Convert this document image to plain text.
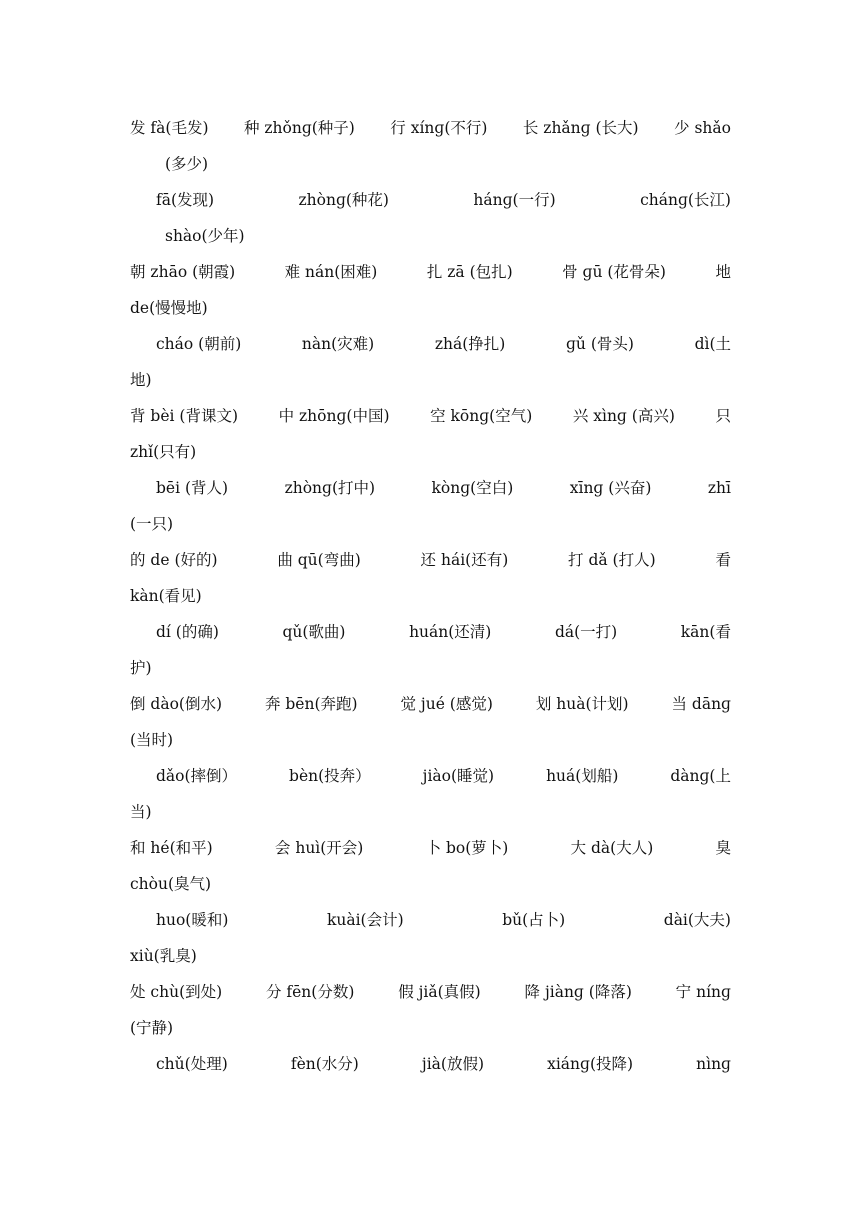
发 fà(毛发) 种 zhǒnɡ(种子) 行 xínɡ(不行) 长 zhǎnɡ (长大) 少 shǎo
(多少)
fā(发现)	zhònɡ(种花)	hánɡ(一行)	chánɡ(长江)
shào(少年)
朝 zhāo (朝霞)	难 nán(困难)	扎 zā (包扎)	骨 ɡū (花骨朵)	地
de(慢慢地)
cháo (朝前)	nàn(灾难)	zhá(挣扎)	ɡǔ (骨头)	dì(土
地)
背 bèi (背课文)	中 zhōnɡ(中国)	空 kōnɡ(空气)	兴 xìnɡ (高兴)	只
zhǐ(只有)
bēi (背人)	zhònɡ(打中)	kònɡ(空白)	xīnɡ (兴奋)	zhī
(一只)
的 de (好的)	曲 qū(弯曲)	还 hái(还有)	打 dǎ (打人)	看
kàn(看见)
dí (的确)	qǔ(歌曲)	huán(还清)	dá(一打)	kān(看
护)
倒 dào(倒水)	奔 bēn(奔跑)	觉 jué (感觉)	划 huà(计划)	当 dānɡ
(当时)
dǎo(摔倒）	bèn(投奔）	jiào(睡觉)	huá(划船)	dànɡ(上
当)
和 hé(和平)	会 huì(开会)	卜 bo(萝卜)	大 dà(大人)	臭
chòu(臭气)
huo(暖和)	kuài(会计)	bǔ(占卜)	dài(大夫)
xiù(乳臭)
处 chù(到处)	分 fēn(分数)	假 jiǎ(真假)	降 jiànɡ (降落)	宁 nínɡ
(宁静)
chǔ(处理)	fèn(水分)	jià(放假)	xiánɡ(投降)	nìnɡ
